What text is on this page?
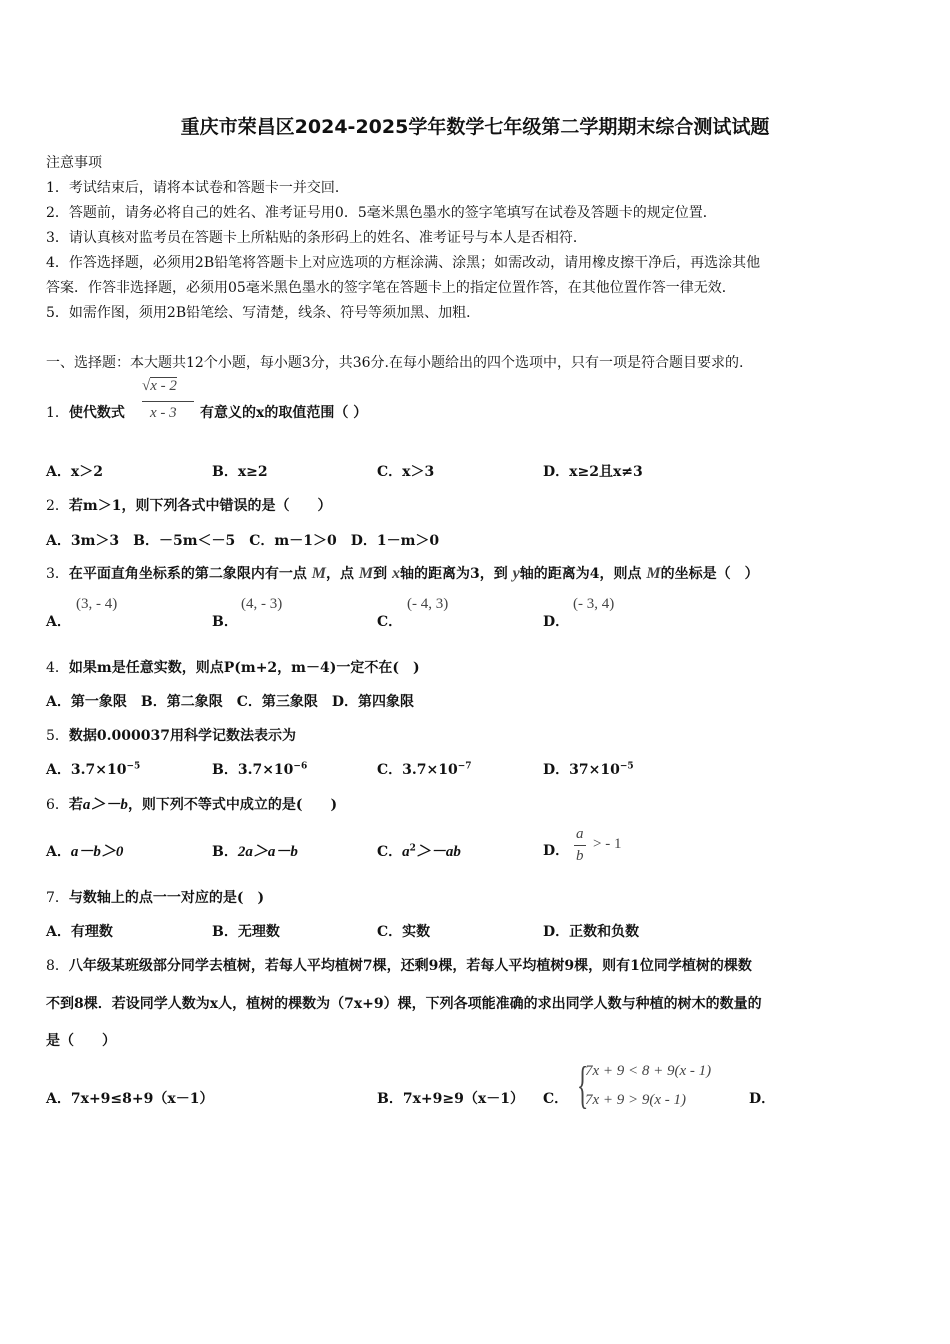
重庆市荣昌区2024-2025学年数学七年级第二学期期末综合测试试题
注意事项
1．考试结束后，请将本试卷和答题卡一并交回．
2．答题前，请务必将自己的姓名、准考证号用0．5毫米黑色墨水的签字笔填写在试卷及答题卡的规定位置．
3．请认真核对监考员在答题卡上所粘贴的条形码上的姓名、准考证号与本人是否相符．
4．作答选择题，必须用2B铅笔将答题卡上对应选项的方框涂满、涂黑；如需改动，请用橡皮擦干净后，再选涂其他
答案．作答非选择题，必须用05毫米黑色墨水的签字笔在答题卡上的指定位置作答，在其他位置作答一律无效．
5．如需作图，须用2B铅笔绘、写清楚，线条、符号等须加黑、加粗．
一、选择题：本大题共12个小题，每小题3分，共36分.在每小题给出的四个选项中，只有一项是符合题目要求的.
1．使代数式
√x - 2
x - 3 有意义的x的取值范围（ ）
A．x＞2	B．x≥2	C．x＞3	D．x≥2且x≠3
2．若m＞1，则下列各式中错误的是（　　）
A．3m＞3　B．－5m＜－5　C．m－1＞0　D．1－m＞0
3．在平面直角坐标系的第二象限内有一点 M，点 M到 x轴的距离为3，到 y轴的距离为4，则点 M的坐标是（　）
A．
(3, - 4)
B．
(4, - 3)
C．
(- 4, 3)
D．
(- 3, 4)
4．如果m是任意实数，则点P(m+2，m－4)一定不在(　)
A．第一象限　B．第二象限　C．第三象限　D．第四象限
5．数据0.000037用科学记数法表示为
A．$3.7\times 10^{-5}$	B．$3.7\times 10^{-6}$	C．$3.7\times 10^{-7}$	D．$37\times 10^{-5}$
6．若a＞－b，则下列不等式中成立的是(　　)
A．a－b＞0	B．2a＞a－b	C．$a^2>-ab$	D．
a
b
> - 1
7．与数轴上的点一一对应的是(　)
A．有理数	B．无理数	C．实数	D．正数和负数
8．八年级某班级部分同学去植树，若每人平均植树7棵，还剩9棵，若每人平均植树9棵，则有1位同学植树的棵数
不到8棵．若设同学人数为x人，植树的棵数为（7x+9）棵，下列各项能准确的求出同学人数与种植的树木的数量的
是（　　）
A．7x+9≤8+9（x－1）	B．7x+9≥9（x－1） C． {
7x + 9 < 8 + 9(x - 1)
7x + 9 > 9(x - 1)	D．
